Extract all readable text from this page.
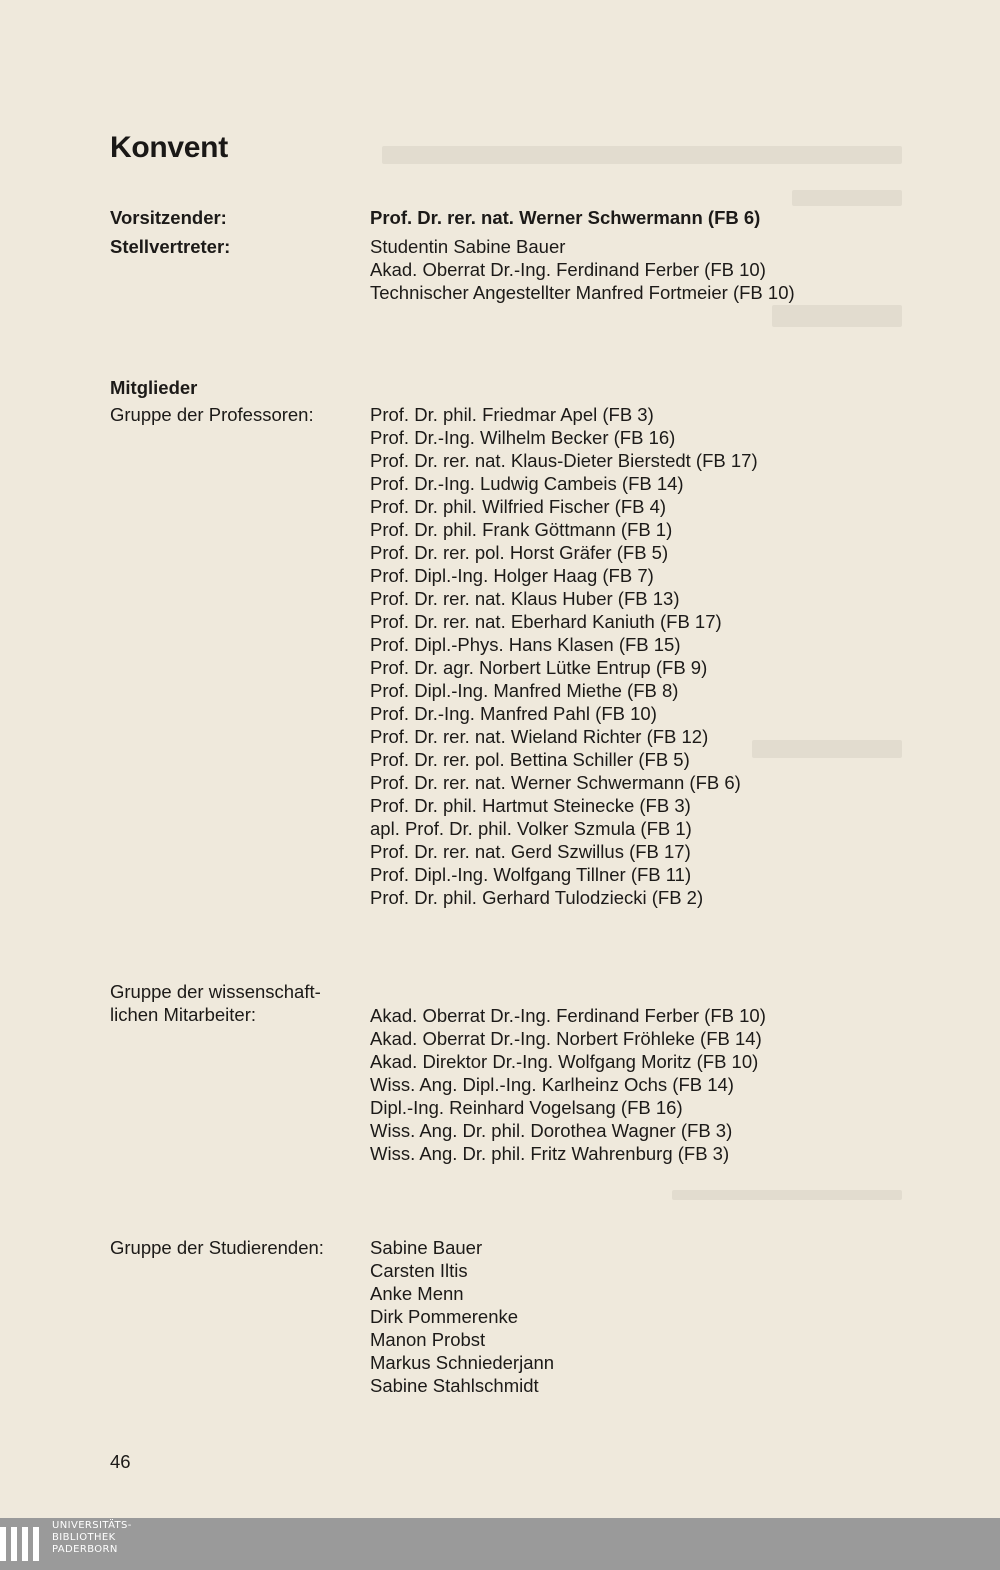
Konvent
Vorsitzender:	Prof. Dr. rer. nat. Werner Schwermann (FB 6)
Stellvertreter:	Studentin Sabine Bauer
Akad. Oberrat Dr.-Ing. Ferdinand Ferber (FB 10)
Technischer Angestellter Manfred Fortmeier (FB 10)
Mitglieder
Gruppe der Professoren:	Prof. Dr. phil. Friedmar Apel (FB 3)
Prof. Dr.-Ing. Wilhelm Becker (FB 16)
Prof. Dr. rer. nat. Klaus-Dieter Bierstedt (FB 17)
Prof. Dr.-Ing. Ludwig Cambeis (FB 14)
Prof. Dr. phil. Wilfried Fischer (FB 4)
Prof. Dr. phil. Frank Göttmann (FB 1)
Prof. Dr. rer. pol. Horst Gräfer (FB 5)
Prof. Dipl.-Ing. Holger Haag (FB 7)
Prof. Dr. rer. nat. Klaus Huber (FB 13)
Prof. Dr. rer. nat. Eberhard Kaniuth (FB 17)
Prof. Dipl.-Phys. Hans Klasen (FB 15)
Prof. Dr. agr. Norbert Lütke Entrup (FB 9)
Prof. Dipl.-Ing. Manfred Miethe (FB 8)
Prof. Dr.-Ing. Manfred Pahl (FB 10)
Prof. Dr. rer. nat. Wieland Richter (FB 12)
Prof. Dr. rer. pol. Bettina Schiller (FB 5)
Prof. Dr. rer. nat. Werner Schwermann (FB 6)
Prof. Dr. phil. Hartmut Steinecke (FB 3)
apl. Prof. Dr. phil. Volker Szmula (FB 1)
Prof. Dr. rer. nat. Gerd Szwillus (FB 17)
Prof. Dipl.-Ing. Wolfgang Tillner (FB 11)
Prof. Dr. phil. Gerhard Tulodziecki (FB 2)
Gruppe der wissenschaft-
lichen Mitarbeiter:	Akad. Oberrat Dr.-Ing. Ferdinand Ferber (FB 10)
Akad. Oberrat Dr.-Ing. Norbert Fröhleke (FB 14)
Akad. Direktor Dr.-Ing. Wolfgang Moritz (FB 10)
Wiss. Ang. Dipl.-Ing. Karlheinz Ochs (FB 14)
Dipl.-Ing. Reinhard Vogelsang (FB 16)
Wiss. Ang. Dr. phil. Dorothea Wagner (FB 3)
Wiss. Ang. Dr. phil. Fritz Wahrenburg (FB 3)
Gruppe der Studierenden: Sabine Bauer
Carsten Iltis
Anke Menn
Dirk Pommerenke
Manon Probst
Markus Schniederjann
Sabine Stahlschmidt
46
UNIVERSITÄTS-
BIBLIOTHEK
PADERBORN
